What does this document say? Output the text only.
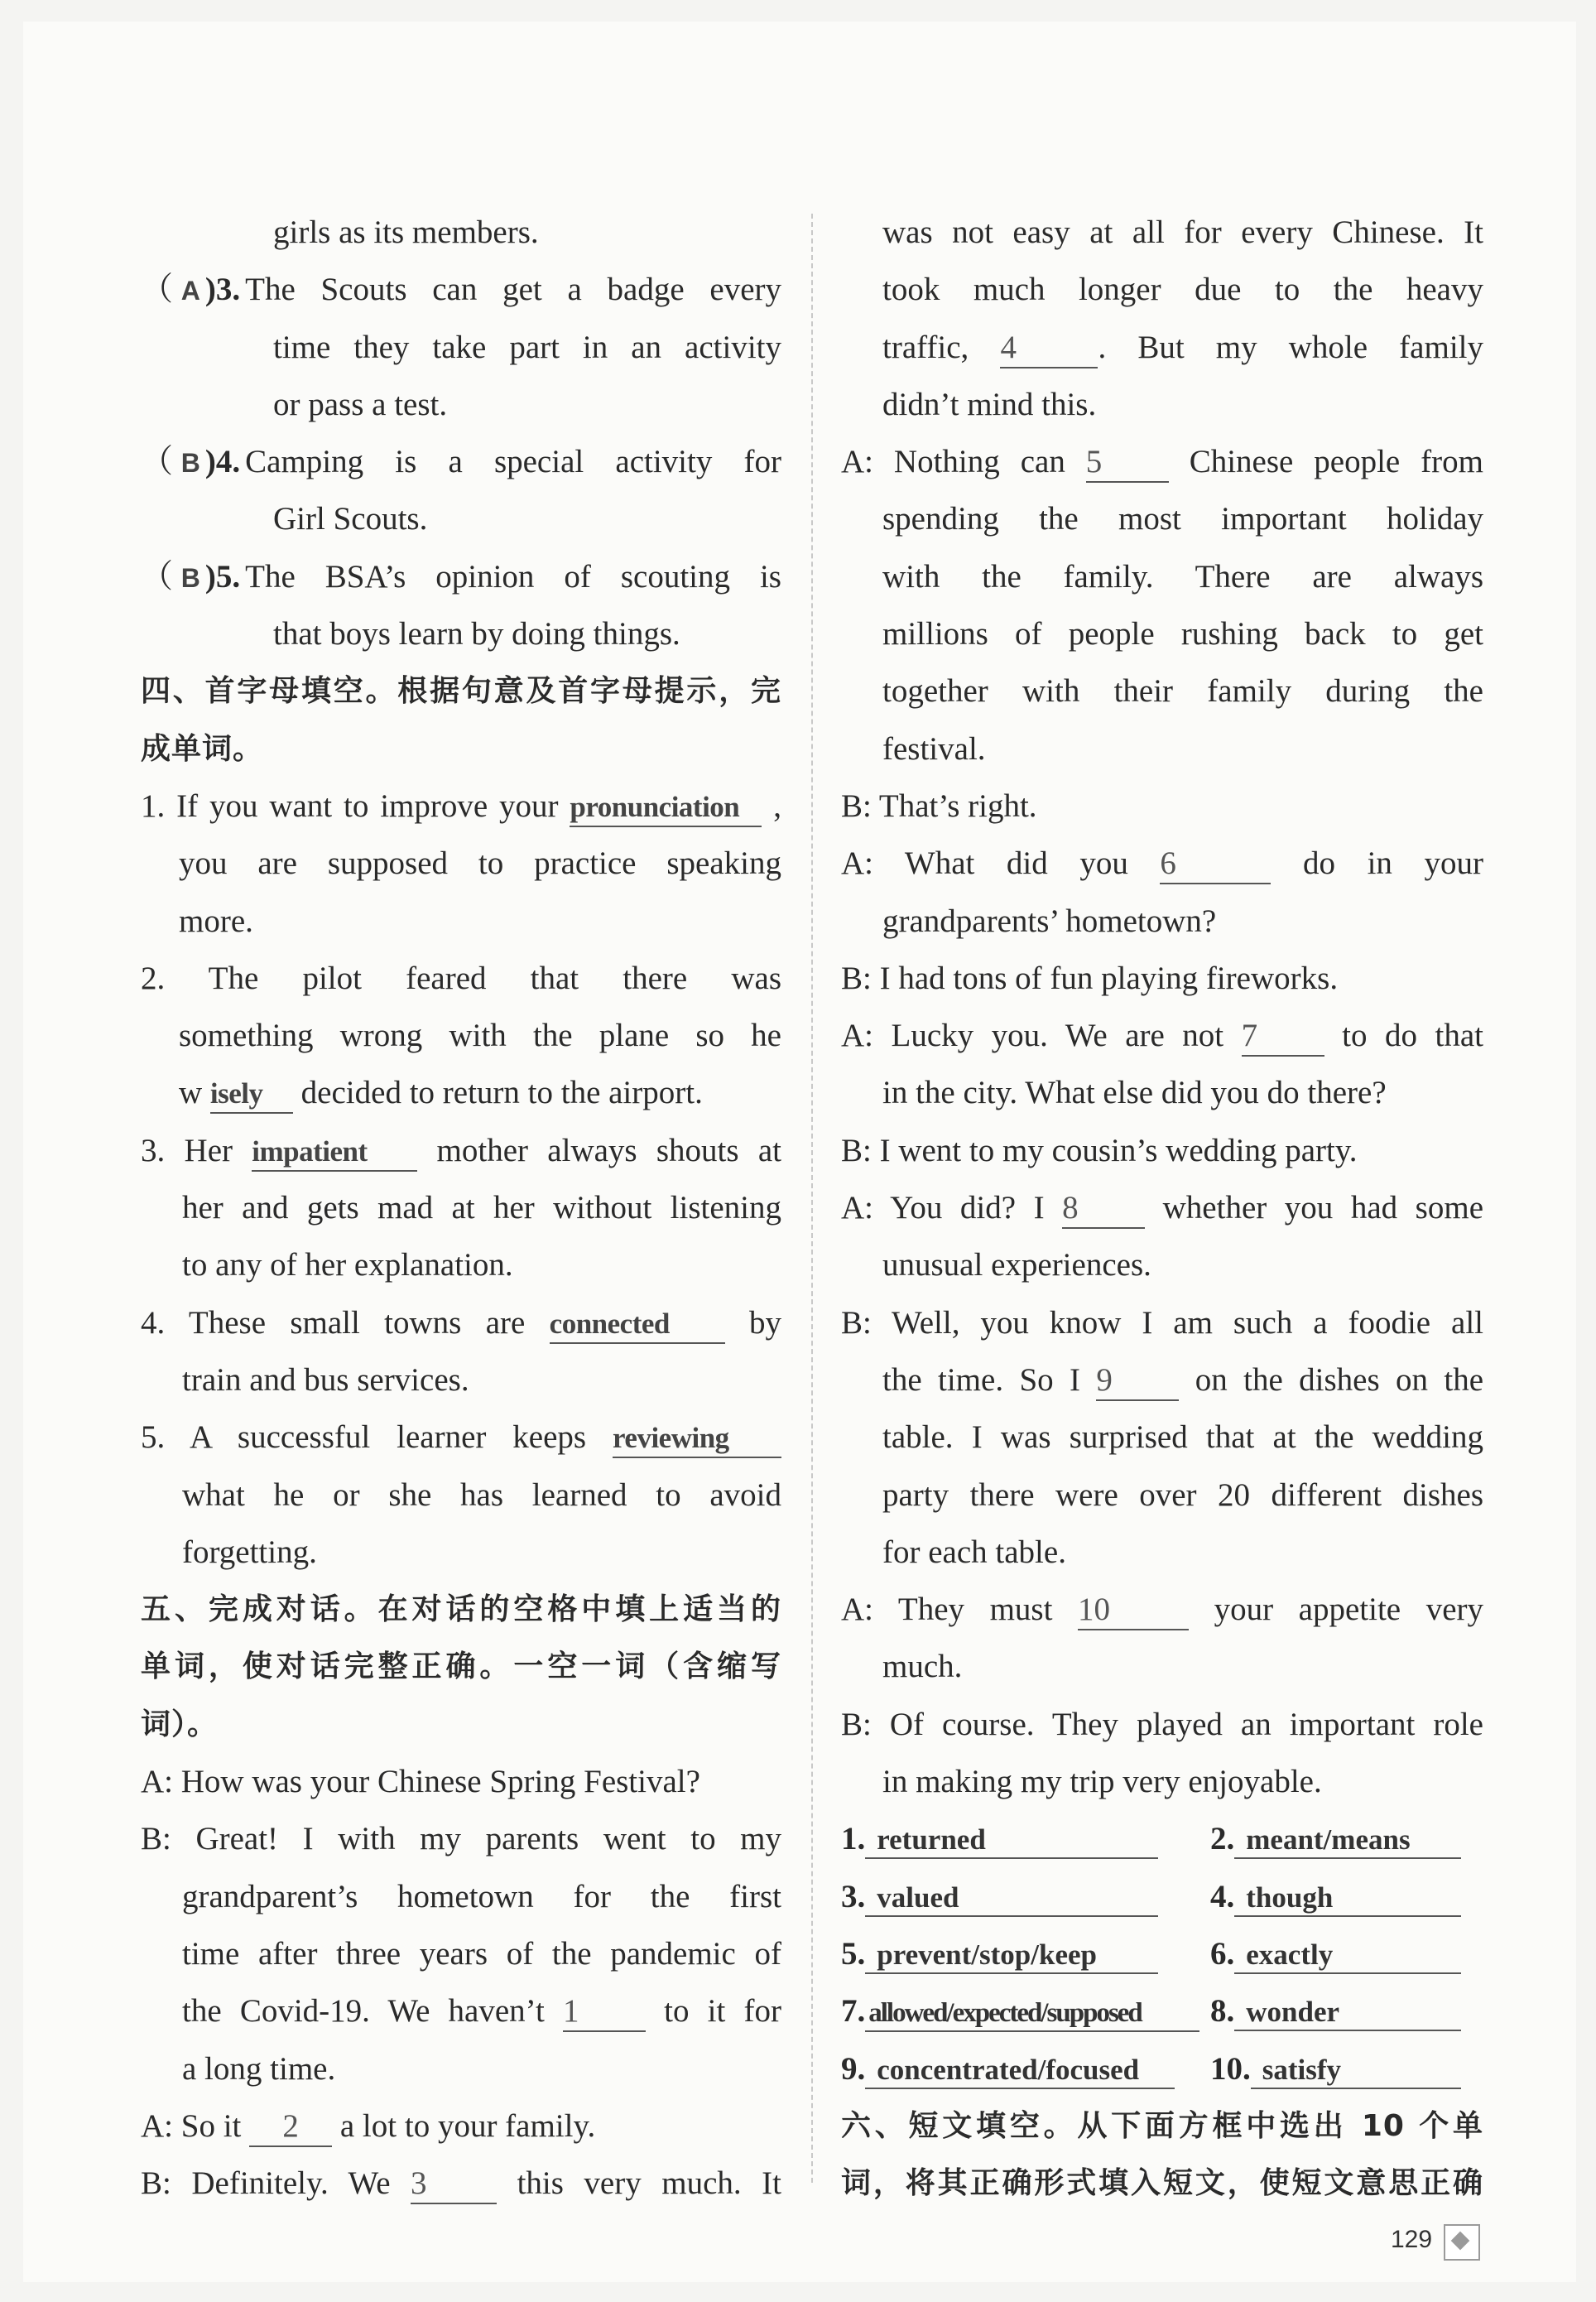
girls as its members.
（ A )3. The Scouts can get a badge every
time they take part in an activity
or pass a test.
（ B )4. Camping is a special activity for
Girl Scouts.
（ B )5. The BSA’s opinion of scouting is
that boys learn by doing things.
四、首字母填空。根据句意及首字母提示，完
成单词。
1. If you want to improve your pronunciation ,
you are supposed to practice speaking
more.
2. The pilot feared that there was
something wrong with the plane so he
w isely decided to return to the airport.
3. Her impatient mother always shouts at
her and gets mad at her without listening
to any of her explanation.
4. These small towns are connected by
train and bus services.
5. A successful learner keeps reviewing
what he or she has learned to avoid
forgetting.
五、完成对话。在对话的空格中填上适当的
单词，使对话完整正确。一空一词（含缩写
词）。
A: How was your Chinese Spring Festival?
B: Great! I with my parents went to my
grandparent’s hometown for the first
time after three years of the pandemic of
the Covid-19. We haven’t 1 to it for
a long time.
A: So it 2 a lot to your family.
B: Definitely. We 3 this very much. It
was not easy at all for every Chinese. It
took much longer due to the heavy
traffic, 4	. But my whole family
didn’t mind this.
A: Nothing can 5 Chinese people from
spending the most important holiday
with the family. There are always
millions of people rushing back to get
together with their family during the
festival.
B: That’s right.
A: What did you 6	do in your
grandparents’ hometown?
B: I had tons of fun playing fireworks.
A: Lucky you. We are not 7 to do that
in the city. What else did you do there?
B: I went to my cousin’s wedding party.
A: You did? I 8 whether you had some
unusual experiences.
B: Well, you know I am such a foodie all
the time. So I 9 on the dishes on the
table. I was surprised that at the wedding
party there were over 20 different dishes
for each table.
A: They must 10 your appetite very
much.
B: Of course. They played an important role
in making my trip very enjoyable.
1. returned	2. meant/means
3. valued	4. though
5. prevent/stop/keep	6. exactly
7. allowed/expected/supposed	8. wonder
9. concentrated/focused	10. satisfy
六、短文填空。从下面方框中选出 10 个单
词，将其正确形式填入短文，使短文意思正确
129
